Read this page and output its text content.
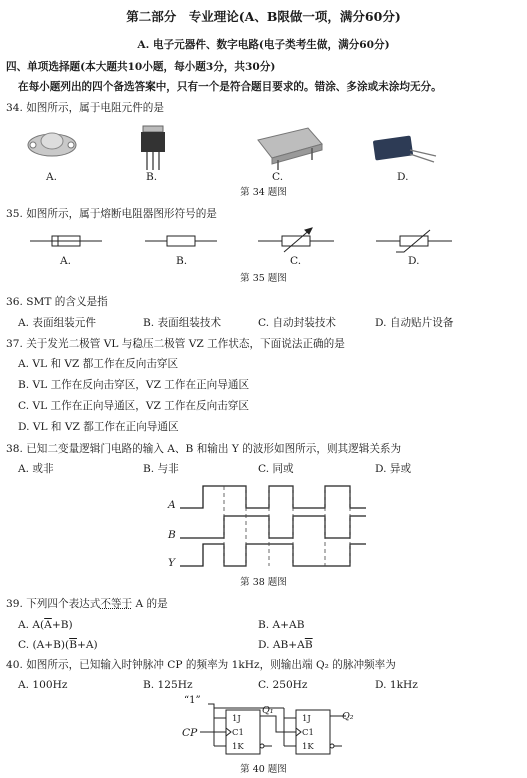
第二部分　专业理论(A、B限做一项，满分60分)
A. 电子元器件、数字电路(电子类考生做，满分60分)
四、单项选择题(本大题共10小题，每小题3分，共30分)
在每小题列出的四个备选答案中，只有一个是符合题目要求的。错涂、多涂或未涂均无分。
34. 如图所示，属于电阻元件的是
A.	B.	C.	D.
第 34 题图
35. 如图所示，属于熔断电阻器图形符号的是
A.	B.	C.	D.
第 35 题图
36. SMT 的含义是指
A. 表面组装元件	B. 表面组装技术	C. 自动封装技术	D. 自动贴片设备
37. 关于发光二极管 VL 与稳压二极管 VZ 工作状态，下面说法正确的是
A. VL 和 VZ 都工作在反向击穿区
B. VL 工作在反向击穿区，VZ 工作在正向导通区
C. VL 工作在正向导通区，VZ 工作在反向击穿区
D. VL 和 VZ 都工作在正向导通区
38. 已知二变量逻辑门电路的输入 A、B 和输出 Y 的波形如图所示，则其逻辑关系为
A. 或非	B. 与非	C. 同或	D. 异或
A
B
Y
第 38 题图
39. 下列四个表达式不等于 A 的是
A. $A(\overline{A}+B)$	B. A+AB
C. $(A+B)(\overline{B}+A)$	D. $AB+A\overline{B}$
40. 如图所示，已知输入时钟脉冲 CP 的频率为 1kHz，则输出端 Q₂ 的脉冲频率为
A. 100Hz	B. 125Hz	C. 250Hz	D. 1kHz
“1”
CP
Q₁
Q₂
1J
C1
1K
1J
C1
1K
第 40 题图
